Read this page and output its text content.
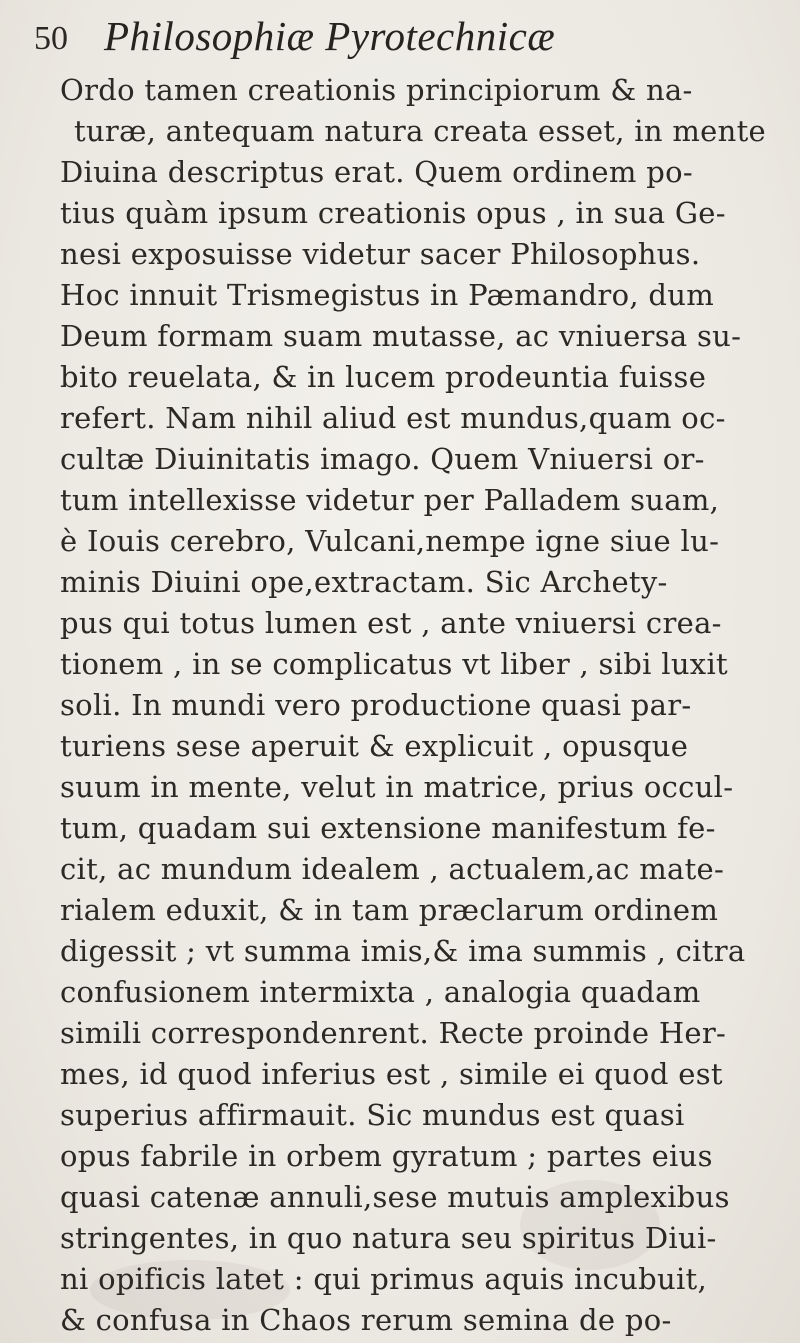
50 Philosophiæ Pyrotechnicæ
Ordo tamen creationis principiorum & na-
turæ, antequam natura creata esset, in mente
Diuina descriptus erat. Quem ordinem po-
tius quàm ipsum creationis opus , in sua Ge-
nesi exposuisse videtur sacer Philosophus.
Hoc innuit Trismegistus in Pæmandro, dum
Deum formam suam mutasse, ac vniuersa su-
bito reuelata, & in lucem prodeuntia fuisse
refert. Nam nihil aliud est mundus,quam oc-
cultæ Diuinitatis imago. Quem Vniuersi or-
tum intellexisse videtur per Palladem suam,
è Iouis cerebro, Vulcani,nempe igne siue lu-
minis Diuini ope,extractam. Sic Archety-
pus qui totus lumen est , ante vniuersi crea-
tionem , in se complicatus vt liber , sibi luxit
soli. In mundi vero productione quasi par-
turiens sese aperuit & explicuit , opusque
suum in mente, velut in matrice, prius occul-
tum, quadam sui extensione manifestum fe-
cit, ac mundum idealem , actualem,ac mate-
rialem eduxit, & in tam præclarum ordinem
digessit ; vt summa imis,& ima summis , citra
confusionem intermixta , analogia quadam
simili correspondenrent. Recte proinde Her-
mes, id quod inferius est , simile ei quod est
superius affirmauit. Sic mundus est quasi
opus fabrile in orbem gyratum ; partes eius
quasi catenæ annuli,sese mutuis amplexibus
stringentes, in quo natura seu spiritus Diui-
ni opificis latet : qui primus aquis incubuit,
& confusa in Chaos rerum semina de po-
